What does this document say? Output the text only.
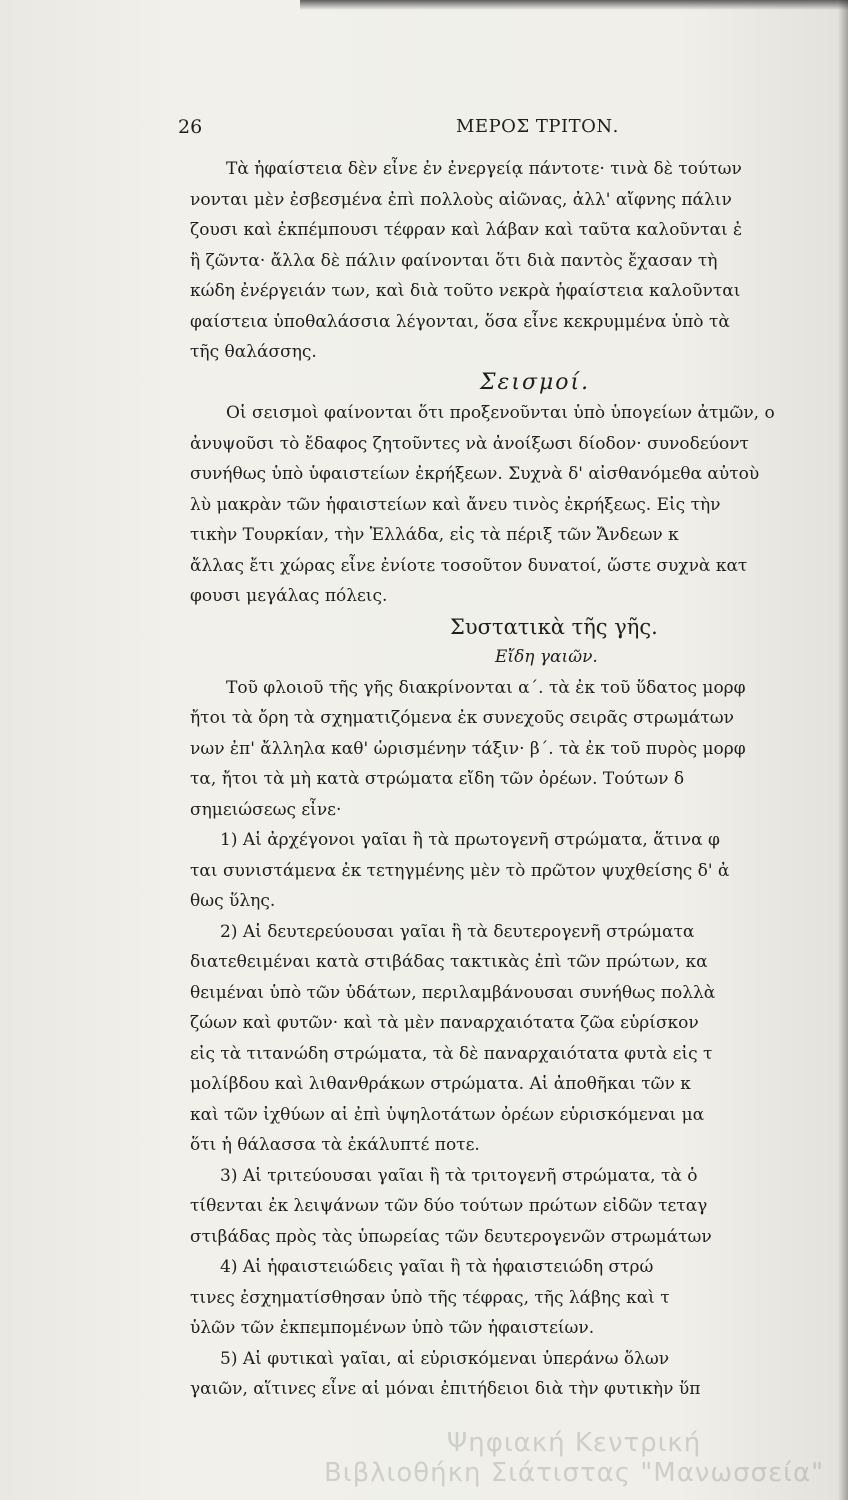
26	ΜΕΡΟΣ ΤΡΙΤΟΝ.
Τὰ ἡφαίστεια δὲν εἶνε ἐν ἐνεργείᾳ πάντοτε· τινὰ δὲ τούτων
νονται μὲν ἐσβεσμένα ἐπὶ πολλοὺς αἰῶνας, ἀλλ' αἴφνης πάλιν
ζουσι καὶ ἐκπέμπουσι τέφραν καὶ λάβαν καὶ ταῦτα καλοῦνται ἐ
ἢ ζῶντα· ἄλλα δὲ πάλιν φαίνονται ὅτι διὰ παντὸς ἔχασαν τὴ
κώδη ἐνέργειάν των, καὶ διὰ τοῦτο νεκρὰ ἡφαίστεια καλοῦνται
φαίστεια ὑποθαλάσσια λέγονται, ὅσα εἶνε κεκρυμμένα ὑπὸ τὰ
τῆς θαλάσσης.
Σεισμοί.
Οἱ σεισμοὶ φαίνονται ὅτι προξενοῦνται ὑπὸ ὑπογείων ἀτμῶν, ο
ἀνυψοῦσι τὸ ἔδαφος ζητοῦντες νὰ ἀνοίξωσι δίοδον· συνοδεύοντ
συνήθως ὑπὸ ὑφαιστείων ἐκρήξεων. Συχνὰ δ' αἰσθανόμεθα αὐτοὺ
λὺ μακρὰν τῶν ἡφαιστείων καὶ ἄνευ τινὸς ἐκρήξεως. Εἰς τὴν
τικὴν Τουρκίαν, τὴν Ἑλλάδα, εἰς τὰ πέριξ τῶν Ἄνδεων κ
ἄλλας ἔτι χώρας εἶνε ἐνίοτε τοσοῦτον δυνατοί, ὥστε συχνὰ κατ
φουσι μεγάλας πόλεις.
Συστατικὰ τῆς γῆς.
Εἴδη γαιῶν.
Τοῦ φλοιοῦ τῆς γῆς διακρίνονται α΄. τὰ ἐκ τοῦ ὕδατος μορφ
ἤτοι τὰ ὄρη τὰ σχηματιζόμενα ἐκ συνεχοῦς σειρᾶς στρωμάτων
νων ἐπ' ἄλληλα καθ' ὡρισμένην τάξιν· β΄. τὰ ἐκ τοῦ πυρὸς μορφ
τα, ἤτοι τὰ μὴ κατὰ στρώματα εἴδη τῶν ὀρέων. Τούτων δ
σημειώσεως εἶνε·
1) Αἱ ἀρχέγονοι γαῖαι ἢ τὰ πρωτογενῆ στρώματα, ἅτινα φ
ται συνιστάμενα ἐκ τετηγμένης μὲν τὸ πρῶτον ψυχθείσης δ' ἀ
θως ὕλης.
2) Αἱ δευτερεύουσαι γαῖαι ἢ τὰ δευτερογενῆ στρώματα
διατεθειμέναι κατὰ στιβάδας τακτικὰς ἐπὶ τῶν πρώτων, κα
θειμέναι ὑπὸ τῶν ὑδάτων, περιλαμβάνουσαι συνήθως πολλὰ
ζώων καὶ φυτῶν· καὶ τὰ μὲν παναρχαιότατα ζῶα εὑρίσκον
εἰς τὰ τιτανώδη στρώματα, τὰ δὲ παναρχαιότατα φυτὰ εἰς τ
μολίβδου καὶ λιθανθράκων στρώματα. Αἱ ἀποθῆκαι τῶν κ
καὶ τῶν ἰχθύων αἱ ἐπὶ ὑψηλοτάτων ὀρέων εὑρισκόμεναι μα
ὅτι ἡ θάλασσα τὰ ἐκάλυπτέ ποτε.
3) Αἱ τριτεύουσαι γαῖαι ἢ τὰ τριτογενῆ στρώματα, τὰ ὁ
τίθενται ἐκ λειψάνων τῶν δύο τούτων πρώτων εἰδῶν τεταγ
στιβάδας πρὸς τὰς ὑπωρείας τῶν δευτερογενῶν στρωμάτων
4) Αἱ ἡφαιστειώδεις γαῖαι ἢ τὰ ἡφαιστειώδη στρώ
τινες ἐσχηματίσθησαν ὑπὸ τῆς τέφρας, τῆς λάβης καὶ τ
ὑλῶν τῶν ἐκπεμπομένων ὑπὸ τῶν ἡφαιστείων.
5) Αἱ φυτικαὶ γαῖαι, αἱ εὑρισκόμεναι ὑπεράνω ὅλων
γαιῶν, αἵτινες εἶνε αἱ μόναι ἐπιτήδειοι διὰ τὴν φυτικὴν ὕπ
Ψηφιακή Κεντρική
Βιβλιοθήκη Σιάτιστας "Μανωσσεία"
